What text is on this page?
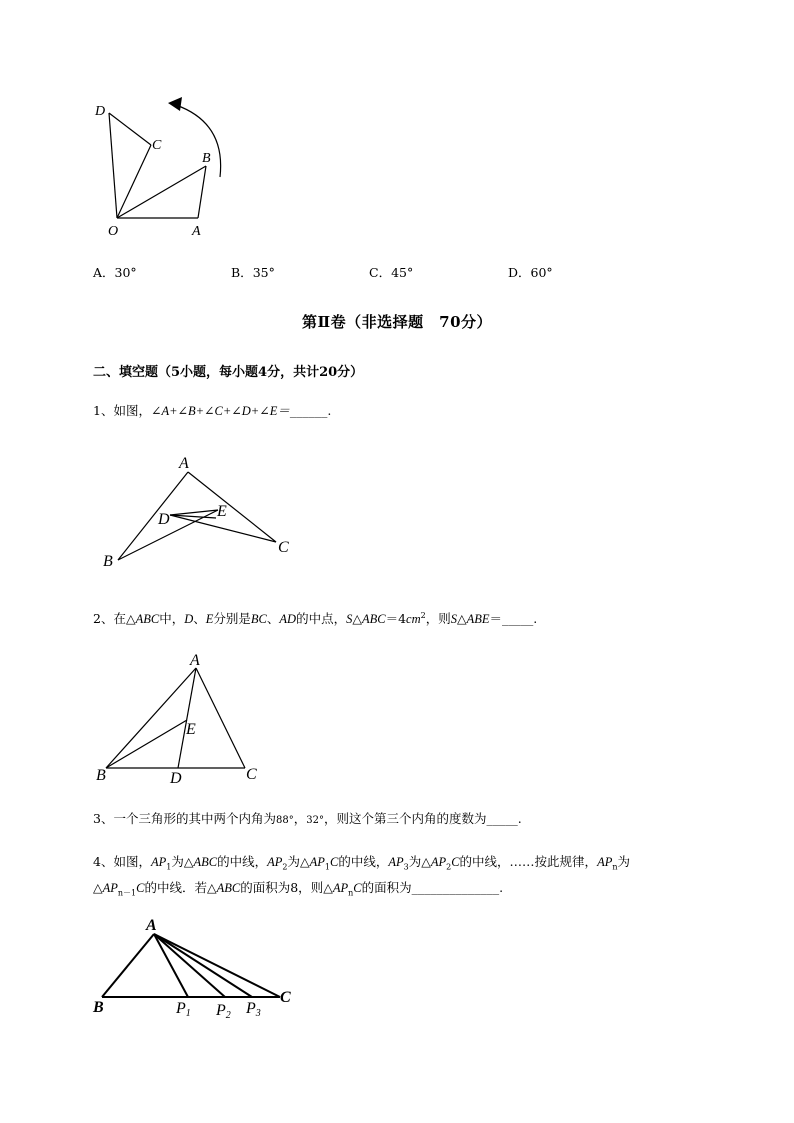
D
C
B
O	A
A．30°	B．35°	C．45°	D．60°
第Ⅱ卷（非选择题　70分）
二、填空题（5小题，每小题4分，共计20分）
1、如图，∠A+∠B+∠C+∠D+∠E＝______.
A
D	E
B
C
2、在△ABC中，D、E分别是BC、AD的中点，$S\triangle ABC=4cm^2$，则S△ABE＝_____.
A
E
B	D	C
3、一个三角形的其中两个内角为88°，32°，则这个第三个内角的度数为_____.
4、如图，$AP_1$为△ABC的中线，$AP_2$为$\triangle AP_1C$的中线，$AP_3$为$\triangle AP_2C$的中线，……按此规律，$AP_n$为
$\triangle AP_{n-1}C$的中线．若△ABC的面积为8，则$\triangle AP_nC$的面积为______________.
A
B
C
P1 P2 P3
